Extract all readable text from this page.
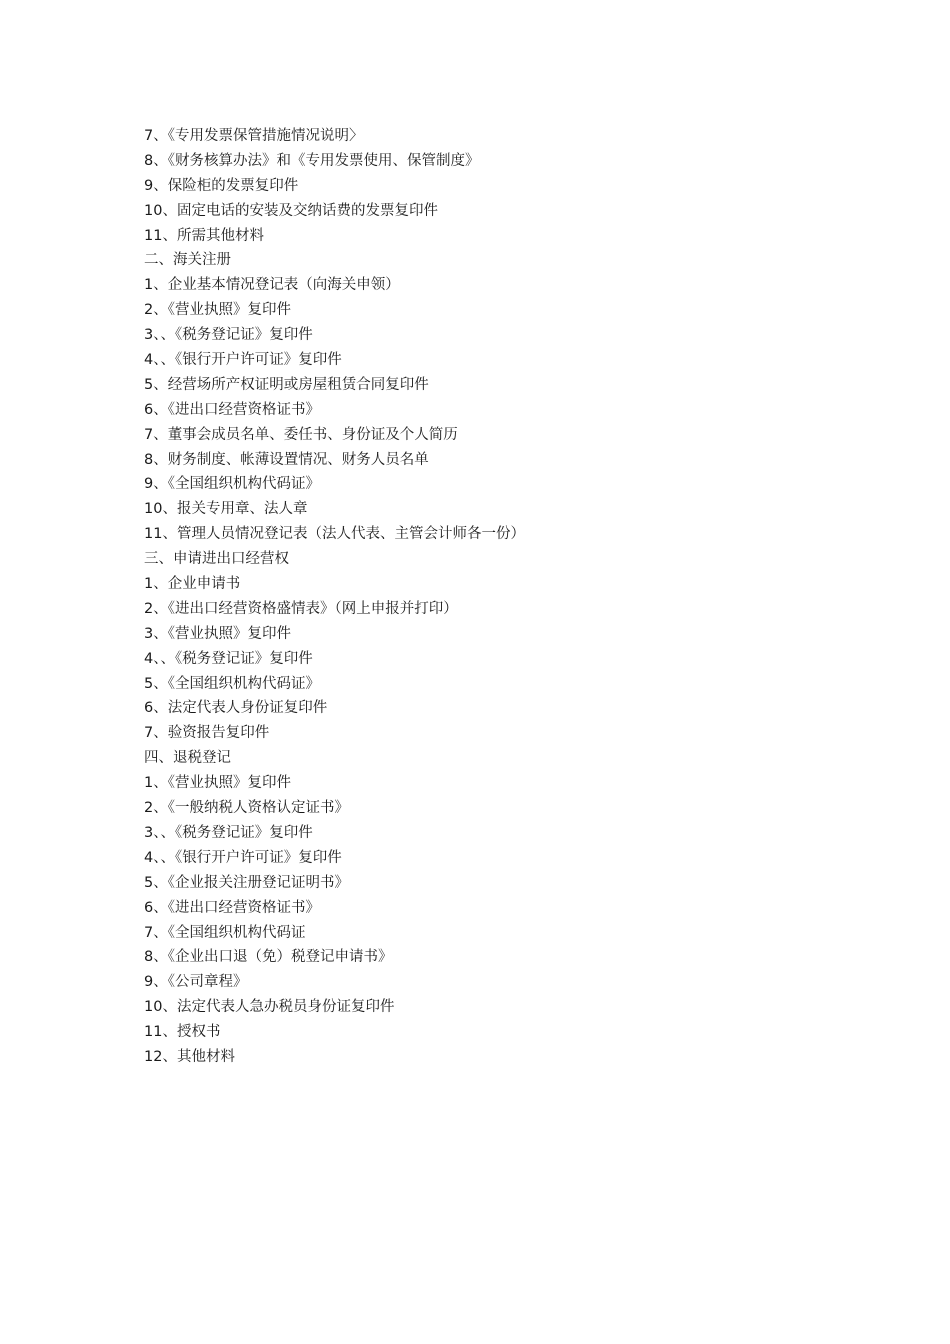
7、《专用发票保管措施情况说明〉
8、《财务核算办法》和《专用发票使用、保管制度》
9、保险柜的发票复印件
10、固定电话的安装及交纳话费的发票复印件
11、所需其他材料
二、海关注册
1、企业基本情况登记表（向海关申领）
2、《营业执照》复印件
3、、《税务登记证》复印件
4、、《银行开户许可证》复印件
5、经营场所产权证明或房屋租赁合同复印件
6、《进出口经营资格证书》
7、董事会成员名单、委任书、身份证及个人简历
8、财务制度、帐薄设置情况、财务人员名单
9、《全国组织机构代码证》
10、报关专用章、法人章
11、管理人员情况登记表（法人代表、主管会计师各一份）
三、申请进出口经营权
1、企业申请书
2、《进出口经营资格盛情表》（网上申报并打印）
3、《营业执照》复印件
4、、《税务登记证》复印件
5、《全国组织机构代码证》
6、法定代表人身份证复印件
7、验资报告复印件
四、退税登记
1、《营业执照》复印件
2、《一般纳税人资格认定证书》
3、、《税务登记证》复印件
4、、《银行开户许可证》复印件
5、《企业报关注册登记证明书》
6、《进出口经营资格证书》
7、《全国组织机构代码证
8、《企业出口退（免）税登记申请书》
9、《公司章程》
10、法定代表人急办税员身份证复印件
11、授权书
12、其他材料
